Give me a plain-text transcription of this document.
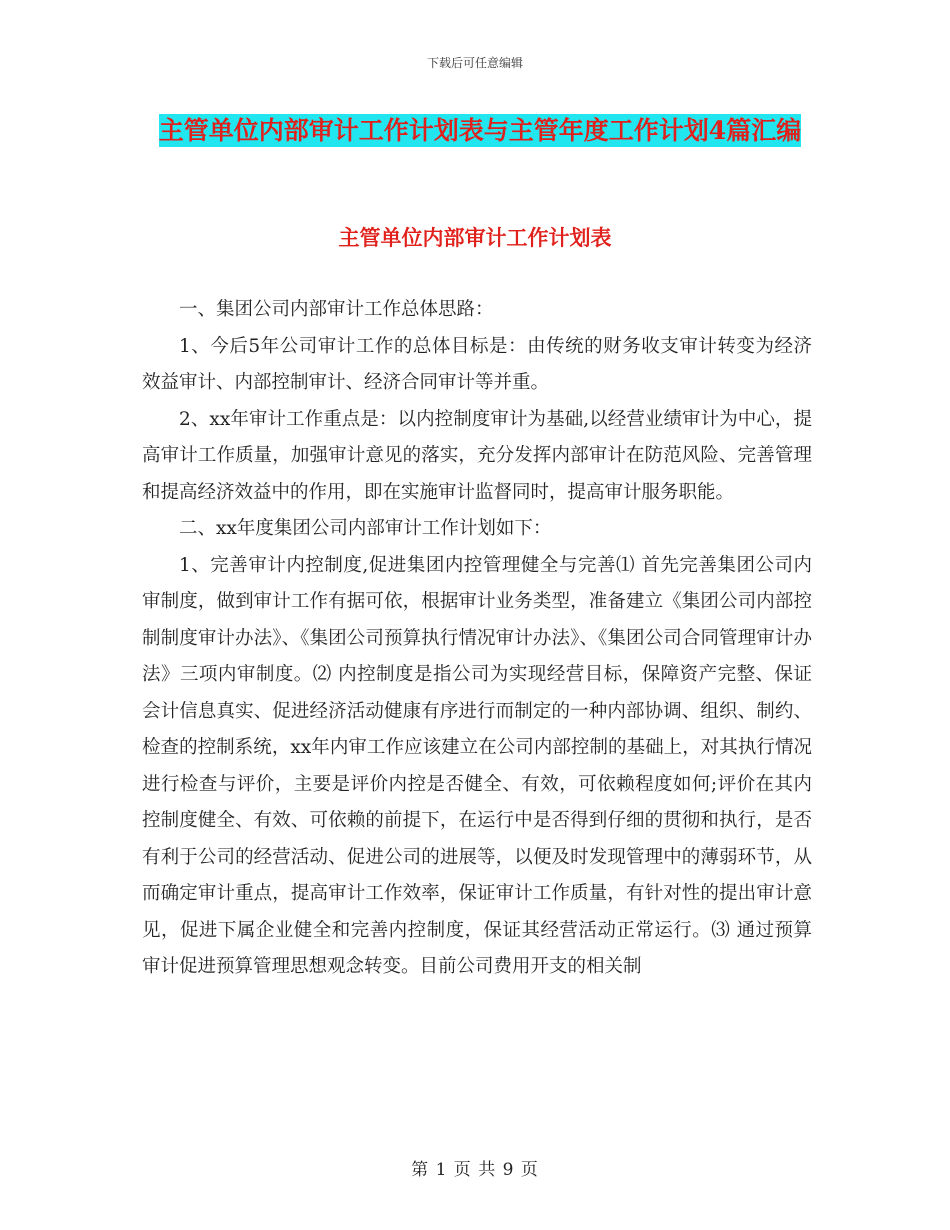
下载后可任意编辑
主管单位内部审计工作计划表与主管年度工作计划4篇汇编
主管单位内部审计工作计划表

一、集团公司内部审计工作总体思路：

1、今后5年公司审计工作的总体目标是：由传统的财务收支审计转变为经济效益审计、内部控制审计、经济合同审计等并重。

2、xx年审计工作重点是：以内控制度审计为基础,以经营业绩审计为中心，提高审计工作质量，加强审计意见的落实，充分发挥内部审计在防范风险、完善管理和提高经济效益中的作用，即在实施审计监督同时，提高审计服务职能。

二、xx年度集团公司内部审计工作计划如下：

1、完善审计内控制度,促进集团内控管理健全与完善⑴ 首先完善集团公司内审制度，做到审计工作有据可依，根据审计业务类型，准备建立《集团公司内部控制制度审计办法》、《集团公司预算执行情况审计办法》、《集团公司合同管理审计办法》三项内审制度。⑵ 内控制度是指公司为实现经营目标，保障资产完整、保证会计信息真实、促进经济活动健康有序进行而制定的一种内部协调、组织、制约、检查的控制系统，xx年内审工作应该建立在公司内部控制的基础上，对其执行情况进行检查与评价，主要是评价内控是否健全、有效，可依赖程度如何;评价在其内控制度健全、有效、可依赖的前提下，在运行中是否得到仔细的贯彻和执行，是否有利于公司的经营活动、促进公司的进展等，以便及时发现管理中的薄弱环节，从而确定审计重点，提高审计工作效率，保证审计工作质量，有针对性的提出审计意见，促进下属企业健全和完善内控制度，保证其经营活动正常运行。⑶ 通过预算审计促进预算管理思想观念转变。目前公司费用开支的相关制

第 1 页 共 9 页
